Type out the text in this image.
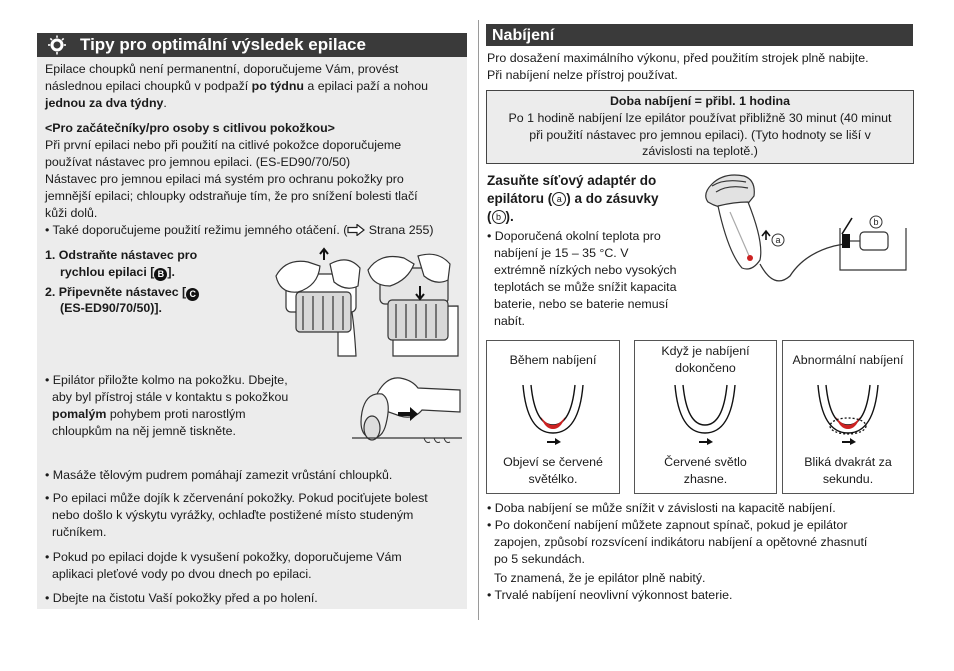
Tipy pro optimální výsledek epilace
Epilace choupků není permanentní, doporučujeme Vám, provést
následnou epilaci choupků v podpaží po týdnu a epilaci paží a nohou
jednou za dva týdny.
<Pro začátečníky/pro osoby s citlivou pokožkou>
Při první epilaci nebo při použití na citlivé pokožce doporučujeme
používat nástavec pro jemnou epilaci. (ES-ED90/70/50)
Nástavec pro jemnou epilaci má systém pro ochranu pokožky pro
jemnější epilaci; chloupky odstraňuje tím, že pro snížení bolesti tlačí
kůži dolů.
• Také doporučujeme použití režimu jemného otáčení. ( Strana 255)
1. Odstraňte nástavec pro
rychlou epilaci [ B ].
2. Připevněte nástavec [ C
(ES-ED90/70/50)].
• Epilátor přiložte kolmo na pokožku. Dbejte,
aby byl přístroj stále v kontaktu s pokožkou
pomalým pohybem proti narostlým
chloupkům na něj jemně tiskněte.
• Masáže tělovým pudrem pomáhají zamezit vrůstání chloupků.
• Po epilaci může dojík k zčervenání pokožky. Pokud pociťujete bolest
nebo došlo k výskytu vyrážky, ochlaďte postižené místo studeným
ručníkem.
• Pokud po epilaci dojde k vysušení pokožky, doporučujeme Vám
aplikaci pleťové vody po dvou dnech po epilaci.
• Dbejte na čistotu Vaší pokožky před a po holení.
Nabíjení
Pro dosažení maximálního výkonu, před použitím strojek plně nabijte.
Při nabíjení nelze přístroj používat.
Doba nabíjení = přibl. 1 hodina
Po 1 hodině nabíjení lze epilátor používat přibližně 30 minut (40 minut
při použití nástavec pro jemnou epilaci). (Tyto hodnoty se liší v
závislosti na teplotě.)
Zasuňte síťový adaptér do
epilátoru ( a ) a do zásuvky
( b ).
• Doporučená okolní teplota pro
nabíjení je 15 – 35 °C. V
extrémně nízkých nebo vysokých
teplotách se může snížit kapacita
baterie, nebo se baterie nemusí
nabít.
a
b
Během nabíjení
Objeví se červené
světélko.
Když je nabíjení
dokončeno
Červené světlo
zhasne.
Abnormální nabíjení
Bliká dvakrát za
sekundu.
• Doba nabíjení se může snížit v závislosti na kapacitě nabíjení.
• Po dokončení nabíjení můžete zapnout spínač, pokud je epilátor
zapojen, způsobí rozsvícení indikátoru nabíjení a opětovné zhasnutí
po 5 sekundách.
To znamená, že je epilátor plně nabitý.
• Trvalé nabíjení neovlivní výkonnost baterie.
